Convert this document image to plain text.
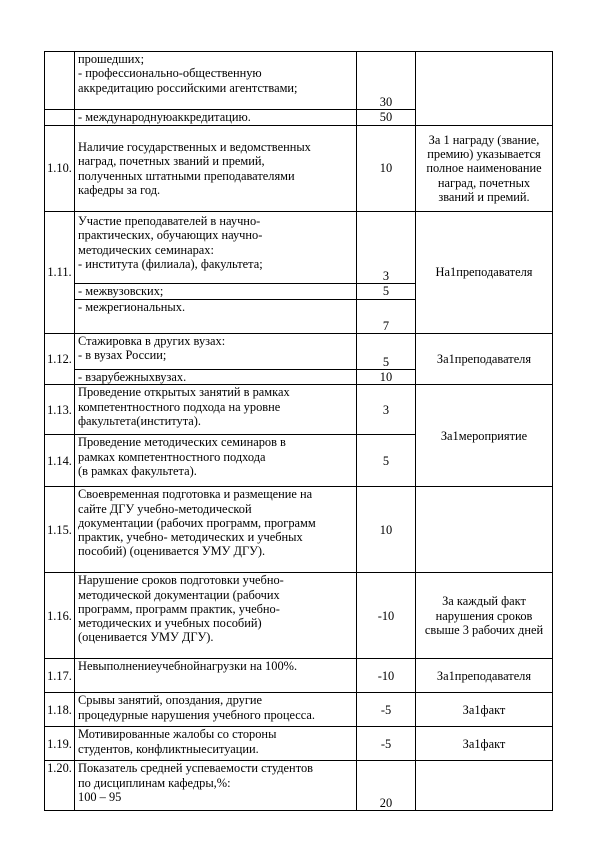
	прошедших;
- профессионально-общественную
аккредитацию российскими агентствами;	30	

	- международнуюаккредитацию.	50	
1.10.	Наличие государственных и ведомственных
наград, почетных званий и премий,
полученных штатными преподавателями
кафедры за год.	10	За 1 награду (звание, премию) указывается полное наименование наград, почетных званий и премий.

1.11.	Участие преподавателей в научно-
практических, обучающих научно-
методических семинарах:
- института (филиала), факультета;	3	На1преподавателя

	- межвузовских;	5	

	- межрегиональных.	7	
1.12.	Стажировка в других вузах:
- в вузах России;	5	За1преподавателя

	- взарубежныхвузах.	10	
1.13.	Проведение открытых занятий в рамках
компетентностного подхода на уровне
факультета(института).	3	За1мероприятие

1.14.	Проведение методических семинаров в
рамках компетентностного подхода
(в рамках факультета).	5	
1.15.	Своевременная подготовка и размещение на
сайте ДГУ учебно-методической
документации (рабочих программ, программ
практик, учебно- методических и учебных
пособий) (оценивается УМУ ДГУ).	10	
1.16.	Нарушение сроков подготовки учебно-
методической документации (рабочих
программ, программ практик, учебно-
методических и учебных пособий)
(оценивается УМУ ДГУ).	-10	За каждый факт нарушения сроков свыше 3 рабочих дней

1.17.	Невыполнениеучебнойнагрузки на 100%.	-10	За1преподавателя

1.18.	Срывы занятий, опоздания, другие
процедурные нарушения учебного процесса.	-5	За1факт

1.19.	Мотивированные жалобы со стороны
студентов, конфликтныеситуации.	-5	За1факт

1.20.	Показатель средней успеваемости студентов
по дисциплинам кафедры,%:
100 – 95	20	
